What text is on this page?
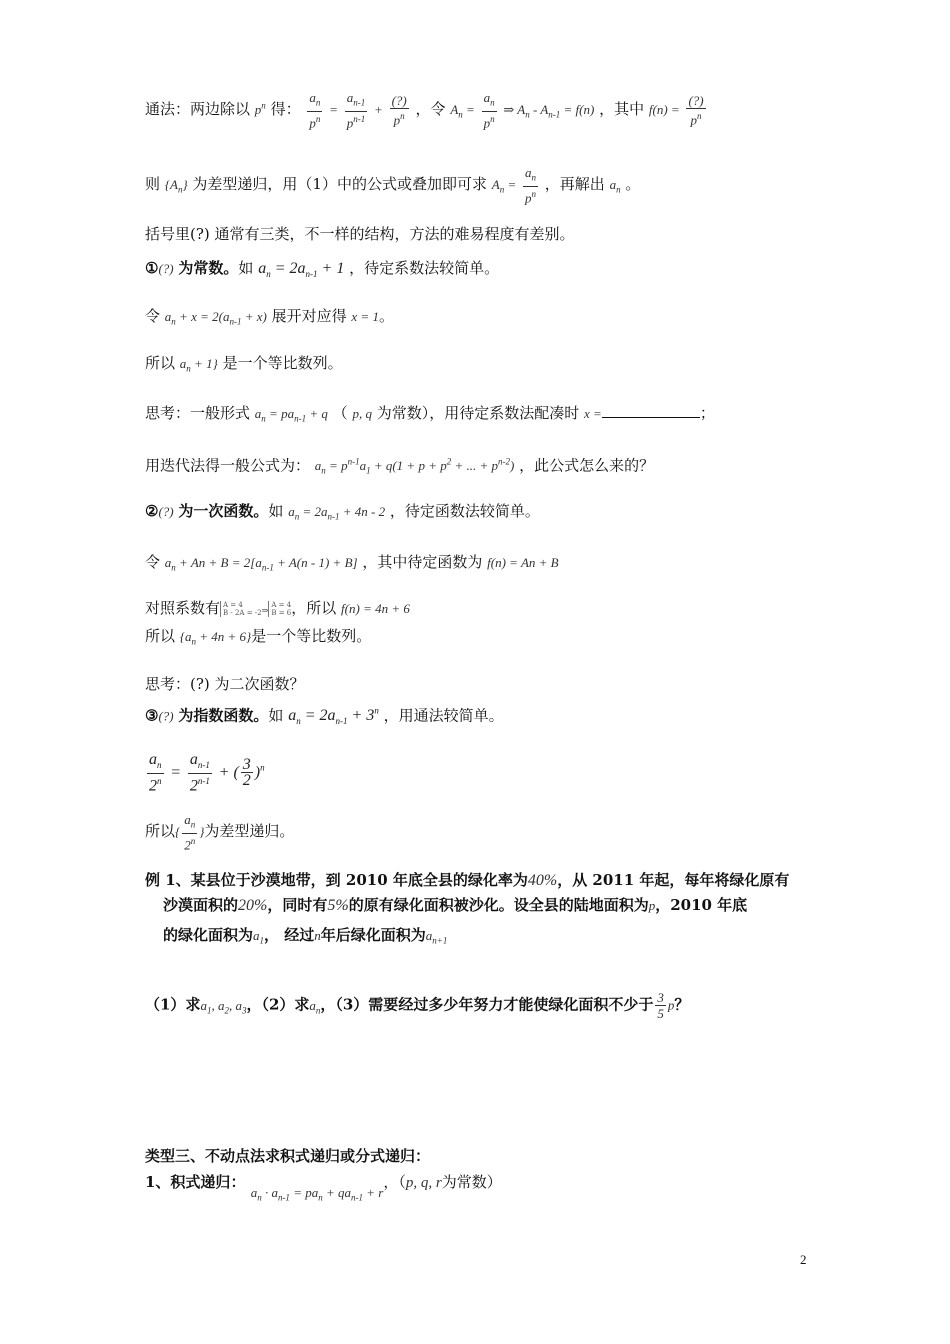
通法：两边除以 $p^n$ 得： $\frac{a_n}{p^n} = \frac{a_{n-1}}{p^{n-1}} + \frac{(?)}{p^n}$ ，令 $A_n = \frac{a_n}{p^n}$ ⇒ $A_n - A_{n-1} = f(n)$ ，其中 $f(n) = \frac{(?)}{p^n}$
则 $\{A_n\}$ 为差型递归，用（1）中的公式或叠加即可求 $A_n = \frac{a_n}{p^n}$ ，再解出 $a_n$ 。
括号里(?) 通常有三类，不一样的结构，方法的难易程度有差别。
①(?) 为常数。如 $a_n = 2a_{n-1} + 1$ ，待定系数法较简单。
令 $a_n + x = 2(a_{n-1} + x)$ 展开对应得 x = 1。
所以 $a_n + 1$} 是一个等比数列。
思考：一般形式 $a_n = pa_{n-1} + q$ （ p, q 为常数），用待定系数法配凑时 x =	；
用迭代法得一般公式为： $a_n = p^{n-1}a_1 + q(1 + p + p^2$ + ... + $p^{n-2}$) ，此公式怎么来的？
②(?) 为一次函数。如 $a_n = 2a_{n-1} + 4n - 2$ ，待定函数法较简单。
令 $a_n + An + B = 2[a_{n-1} + A(n - 1) + B]$ ，其中待定函数为 f(n) = An + B
对照系数有 A = 4
B - 2A = -2⇒A = 4
B = 6，所以 f(n) = 4n + 6
所以 $\{a_n + 4n + 6\}$是一个等比数列。
思考：(?) 为二次函数？
③(?) 为指数函数。如 $a_n = 2a_{n-1} + 3^n$ ，用通法较简单。
$\frac{a_n}{2^n} = \frac{a_{n-1}}{2^{n-1}}$ + ( $\frac{3}{2} )^n$
所以{ $\frac{a_n}{2^n}$ }为差型递归。
例 1、某县位于沙漠地带，到 2010 年底全县的绿化率为40%，从 2011 年起，每年将绿化原有
沙漠面积的20%，同时有5%的原有绿化面积被沙化。设全县的陆地面积为p，2010 年底
的绿化面积为$a_1$， 经过n年后绿化面积为$a_{n+1}$
（1）求$a_1$, $a_2$, $a_3$，（2）求$a_n$，（3）需要经过多少年努力才能使绿化面积不少于 $\frac{3}{5}$ p？
类型三、不动点法求积式递归或分式递归：
1、积式递归： $a_n \cdot a_{n-1} = pa_n + qa_{n-1} + r$，（p, q, r为常数）
2
